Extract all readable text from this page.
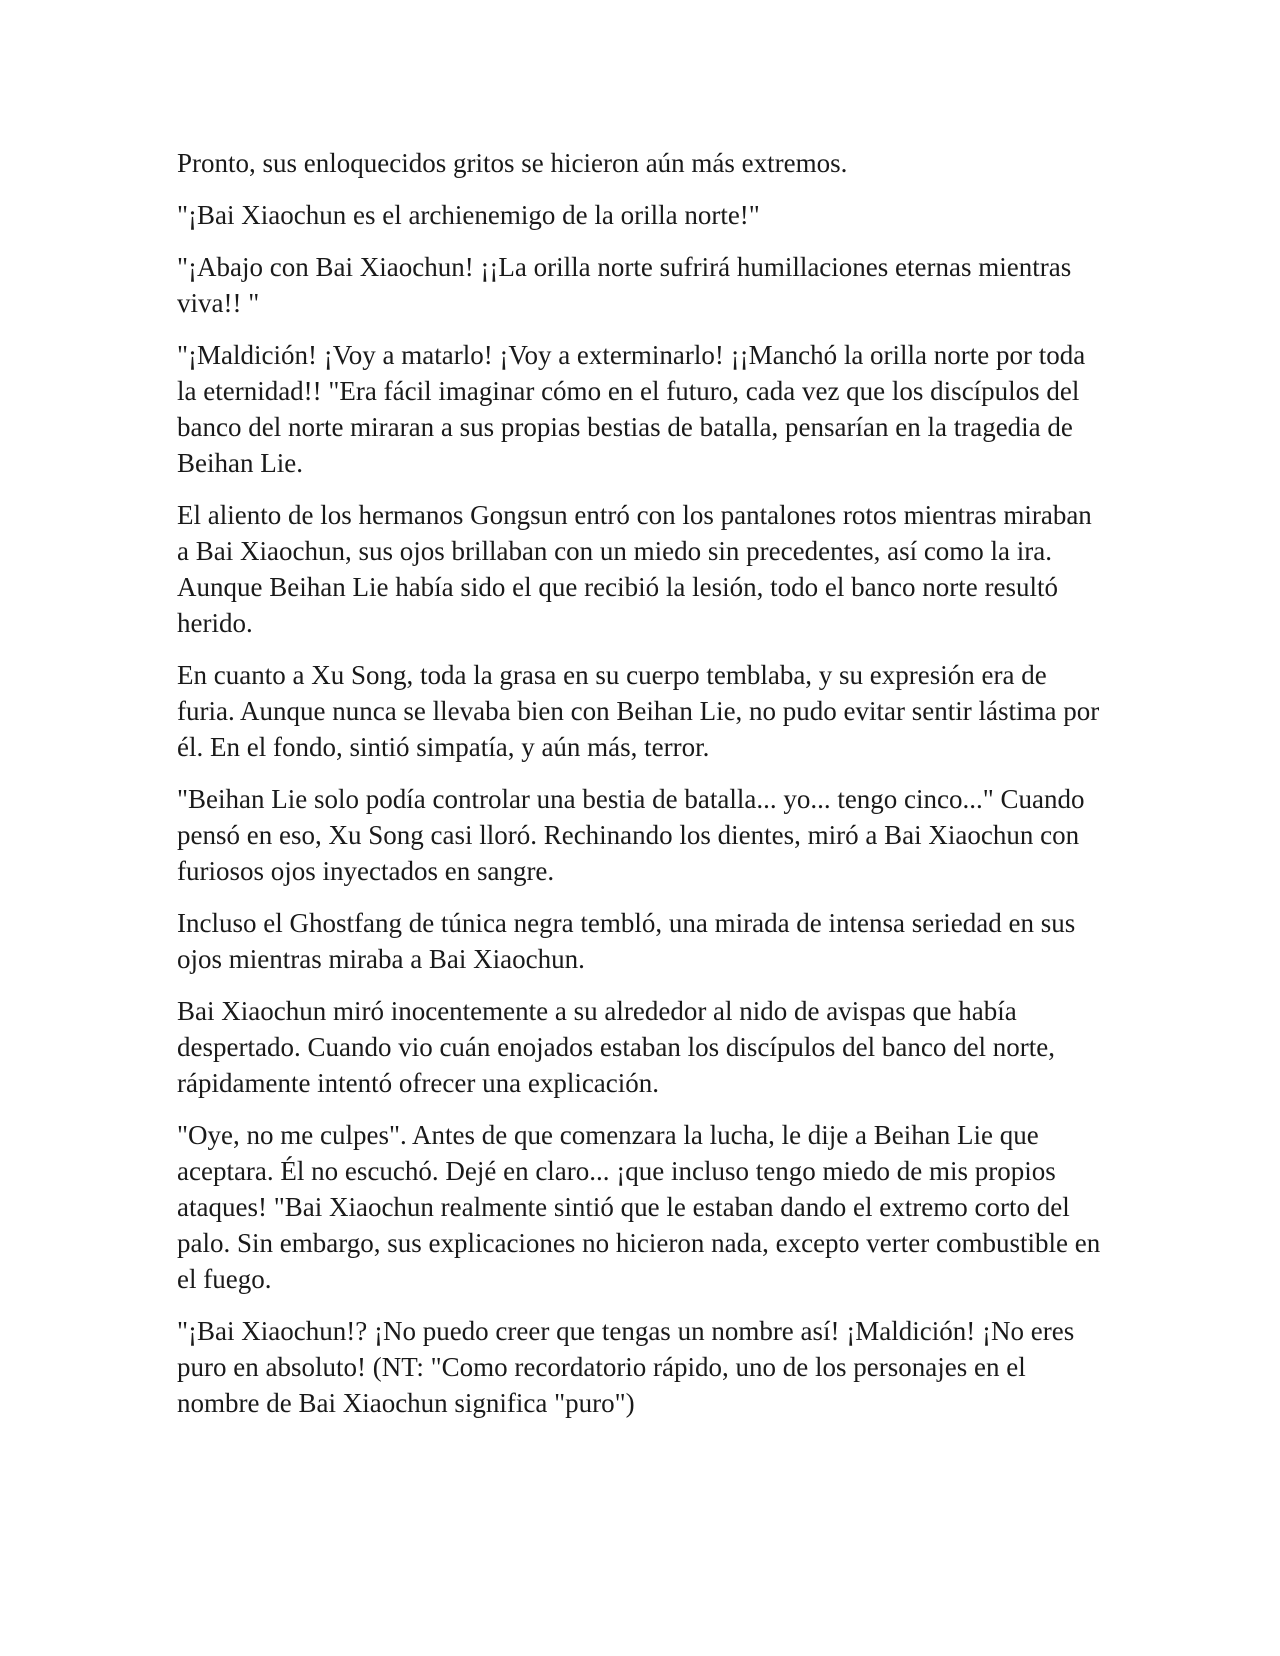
Pronto, sus enloquecidos gritos se hicieron aún más extremos.

"¡Bai Xiaochun es el archienemigo de la orilla norte!"

"¡Abajo con Bai Xiaochun! ¡¡La orilla norte sufrirá humillaciones eternas mientras viva!! "

"¡Maldición! ¡Voy a matarlo! ¡Voy a exterminarlo! ¡¡Manchó la orilla norte por toda la eternidad!! "Era fácil imaginar cómo en el futuro, cada vez que los discípulos del banco del norte miraran a sus propias bestias de batalla, pensarían en la tragedia de Beihan Lie.

El aliento de los hermanos Gongsun entró con los pantalones rotos mientras miraban a Bai Xiaochun, sus ojos brillaban con un miedo sin precedentes, así como la ira. Aunque Beihan Lie había sido el que recibió la lesión, todo el banco norte resultó herido.

En cuanto a Xu Song, toda la grasa en su cuerpo temblaba, y su expresión era de furia. Aunque nunca se llevaba bien con Beihan Lie, no pudo evitar sentir lástima por él. En el fondo, sintió simpatía, y aún más, terror.

"Beihan Lie solo podía controlar una bestia de batalla... yo... tengo cinco..." Cuando pensó en eso, Xu Song casi lloró. Rechinando los dientes, miró a Bai Xiaochun con furiosos ojos inyectados en sangre.

Incluso el Ghostfang de túnica negra tembló, una mirada de intensa seriedad en sus ojos mientras miraba a Bai Xiaochun.

Bai Xiaochun miró inocentemente a su alrededor al nido de avispas que había despertado. Cuando vio cuán enojados estaban los discípulos del banco del norte, rápidamente intentó ofrecer una explicación.

"Oye, no me culpes". Antes de que comenzara la lucha, le dije a Beihan Lie que aceptara. Él no escuchó. Dejé en claro... ¡que incluso tengo miedo de mis propios ataques! "Bai Xiaochun realmente sintió que le estaban dando el extremo corto del palo. Sin embargo, sus explicaciones no hicieron nada, excepto verter combustible en el fuego.

"¡Bai Xiaochun!? ¡No puedo creer que tengas un nombre así! ¡Maldición! ¡No eres puro en absoluto! (NT: "Como recordatorio rápido, uno de los personajes en el nombre de Bai Xiaochun significa "puro")
